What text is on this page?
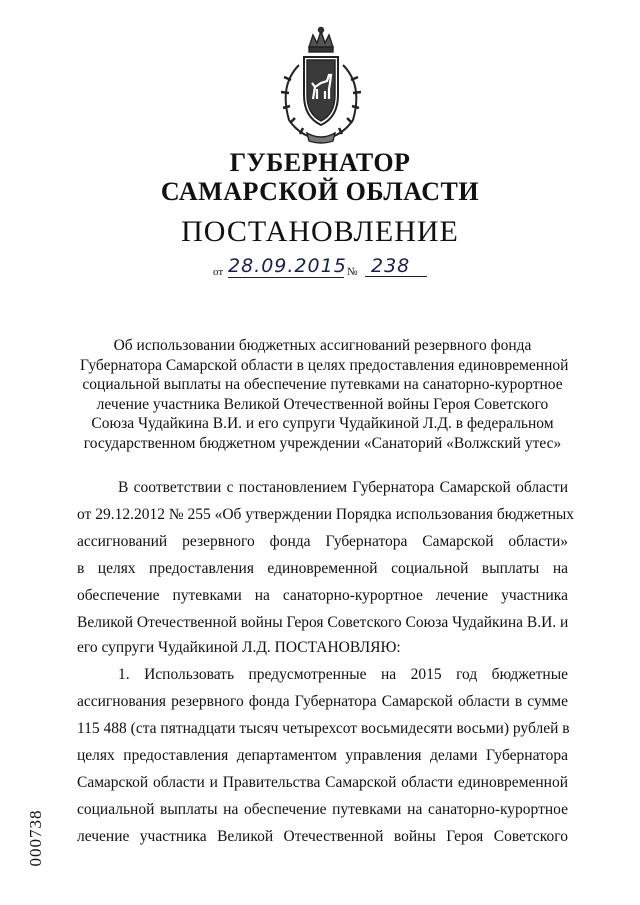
ГУБЕРНАТОР
САМАРСКОЙ ОБЛАСТИ
ПОСТАНОВЛЕНИЕ
от 28.09.2015 № 238
Об использовании бюджетных ассигнований резервного фонда
Губернатора Самарской области в целях предоставления единовременной
социальной выплаты на обеспечение путевками на санаторно-курортное
лечение участника Великой Отечественной войны Героя Советского
Союза Чудайкина В.И. и его супруги Чудайкиной Л.Д. в федеральном
государственном бюджетном учреждении «Санаторий «Волжский утес»
В соответствии с постановлением Губернатора Самарской области
от 29.12.2012 № 255 «Об утверждении Порядка использования бюджетных
ассигнований резервного фонда Губернатора Самарской области»
в целях предоставления единовременной социальной выплаты на
обеспечение путевками на санаторно-курортное лечение участника
Великой Отечественной войны Героя Советского Союза Чудайкина В.И. и
его супруги Чудайкиной Л.Д. ПОСТАНОВЛЯЮ:
1. Использовать предусмотренные на 2015 год бюджетные
ассигнования резервного фонда Губернатора Самарской области в сумме
115 488 (ста пятнадцати тысяч четырехсот восьмидесяти восьми) рублей в
целях предоставления департаментом управления делами Губернатора
Самарской области и Правительства Самарской области единовременной
социальной выплаты на обеспечение путевками на санаторно-курортное
лечение участника Великой Отечественной войны Героя Советского
000738
